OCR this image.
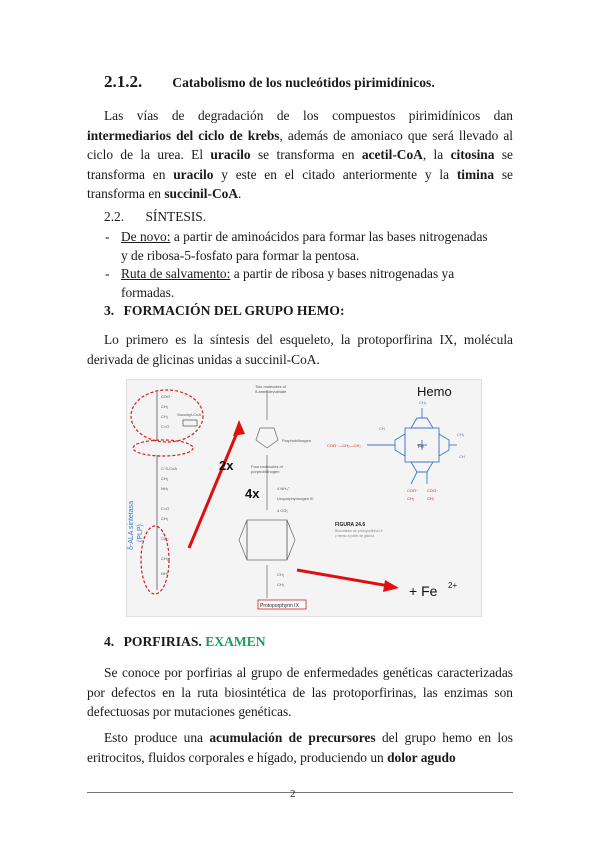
2.1.2. Catabolismo de los nucleótidos pirimidínicos.
Las vías de degradación de los compuestos pirimidínicos dan intermediarios del ciclo de krebs, además de amoniaco que será llevado al ciclo de la urea. El uracilo se transforma en acetil-CoA, la citosina se transforma en uracilo y este en el citado anteriormente y la timina se transforma en succinil-CoA.
2.2. SÍNTESIS.
- De novo: a partir de aminoácidos para formar las bases nitrogenadas
y de ribosa-5-fosfato para formar la pentosa.
- Ruta de salvamento: a partir de ribosa y bases nitrogenadas ya
formadas.
3. FORMACIÓN DEL GRUPO HEMO:
Lo primero es la síntesis del esqueleto, la protoporfirina IX, molécula derivada de glicinas unidas a succinil-CoA.
COO⁻
CH₂
CH₂
C=O
Succinyl-CoA
C·S-CoA
CH₂
NH₂
C=O
CH₂
CO₂
CH₂
NH₂
δ-ALA sintetasa (PLP)
2x
4x
Two molecules of
δ-aminolevulinate
Porphobilinogen
Four molecules of
porphobilinogen
4 NH₄⁺
Uroporphyrinogen III
4 CO₂
CH₂
CH₂
Protoporphyrin IX
FIGURA 24.6
Biosíntesis de protoporfirina IX
y hemo a partir de glicina
Hemo
Fe
COO⁻—CH₂—CH₂
COO⁻ COO⁻
CH₂	CH₂
CH₃
CH₃
CH
CH
+ Fe 2+
4. PORFIRIAS. EXAMEN
Se conoce por porfirias al grupo de enfermedades genéticas caracterizadas por defectos en la ruta biosintética de las protoporfirinas, las enzimas son defectuosas por mutaciones genéticas.
Esto produce una acumulación de precursores del grupo hemo en los eritrocitos, fluidos corporales e hígado, produciendo un dolor agudo
2
